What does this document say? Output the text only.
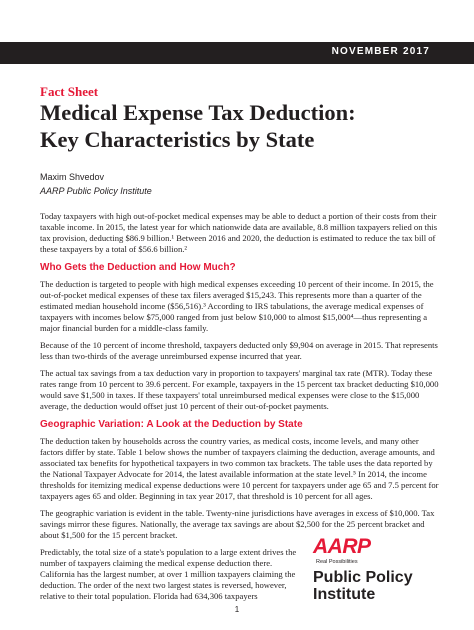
NOVEMBER 2017
Fact Sheet
Medical Expense Tax Deduction:
Key Characteristics by State
Maxim Shvedov
AARP Public Policy Institute

Today taxpayers with high out-of-pocket medical expenses may be able to deduct a portion of their costs from their taxable income. In 2015, the latest year for which nationwide data are available, 8.8 million taxpayers relied on this tax provision, deducting $86.9 billion.¹ Between 2016 and 2020, the deduction is estimated to reduce the tax bill of these taxpayers by a total of $56.6 billion.²

Who Gets the Deduction and How Much?

The deduction is targeted to people with high medical expenses exceeding 10 percent of their income. In 2015, the out-of-pocket medical expenses of these tax filers averaged $15,243. This represents more than a quarter of the estimated median household income ($56,516).³ According to IRS tabulations, the average medical expenses of taxpayers with incomes below $75,000 ranged from just below $10,000 to almost $15,000⁴—thus representing a major financial burden for a middle-class family.

Because of the 10 percent of income threshold, taxpayers deducted only $9,904 on average in 2015. That represents less than two-thirds of the average unreimbursed expense incurred that year.

The actual tax savings from a tax deduction vary in proportion to taxpayers' marginal tax rate (MTR). Today these rates range from 10 percent to 39.6 percent. For example, taxpayers in the 15 percent tax bracket deducting $10,000 would save $1,500 in taxes. If these taxpayers' total unreimbursed medical expenses were close to the $15,000 average, the deduction would offset just 10 percent of their out-of-pocket payments.

Geographic Variation: A Look at the Deduction by State

The deduction taken by households across the country varies, as medical costs, income levels, and many other factors differ by state. Table 1 below shows the number of taxpayers claiming the deduction, average amounts, and associated tax benefits for hypothetical taxpayers in two common tax brackets. The table uses the data reported by the National Taxpayer Advocate for 2014, the latest available information at the state level.⁵ In 2014, the income thresholds for itemizing medical expense deductions were 10 percent for taxpayers under age 65 and 7.5 percent for taxpayers ages 65 and older. Beginning in tax year 2017, that threshold is 10 percent for all ages.

The geographic variation is evident in the table. Twenty-nine jurisdictions have averages in excess of $10,000. Tax savings mirror these figures. Nationally, the average tax savings are about $2,500 for the 25 percent bracket and about $1,500 for the 15 percent bracket.

Predictably, the total size of a state's population to a large extent drives the number of taxpayers claiming the medical expense deduction there. California has the largest number, at over 1 million taxpayers claiming the deduction. The order of the next two largest states is reversed, however, relative to their total population. Florida had 634,306 taxpayers

AARP
Real Possibilities
Public Policy
Institute
1
